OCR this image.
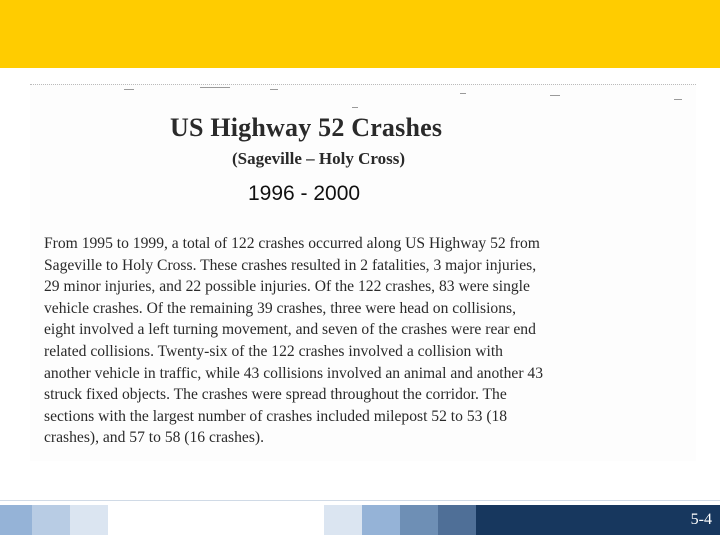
US Highway 52 Crashes
(Sageville – Holy Cross)
1996 - 2000
From 1995 to 1999, a total of 122 crashes occurred along US Highway 52 from
Sageville to Holy Cross. These crashes resulted in 2 fatalities, 3 major injuries,
29 minor injuries, and 22 possible injuries. Of the 122 crashes, 83 were single
vehicle crashes. Of the remaining 39 crashes, three were head on collisions,
eight involved a left turning movement, and seven of the crashes were rear end
related collisions. Twenty-six of the 122 crashes involved a collision with
another vehicle in traffic, while 43 collisions involved an animal and another 43
struck fixed objects. The crashes were spread throughout the corridor. The
sections with the largest number of crashes included milepost 52 to 53 (18
crashes), and 57 to 58 (16 crashes).
5-4
